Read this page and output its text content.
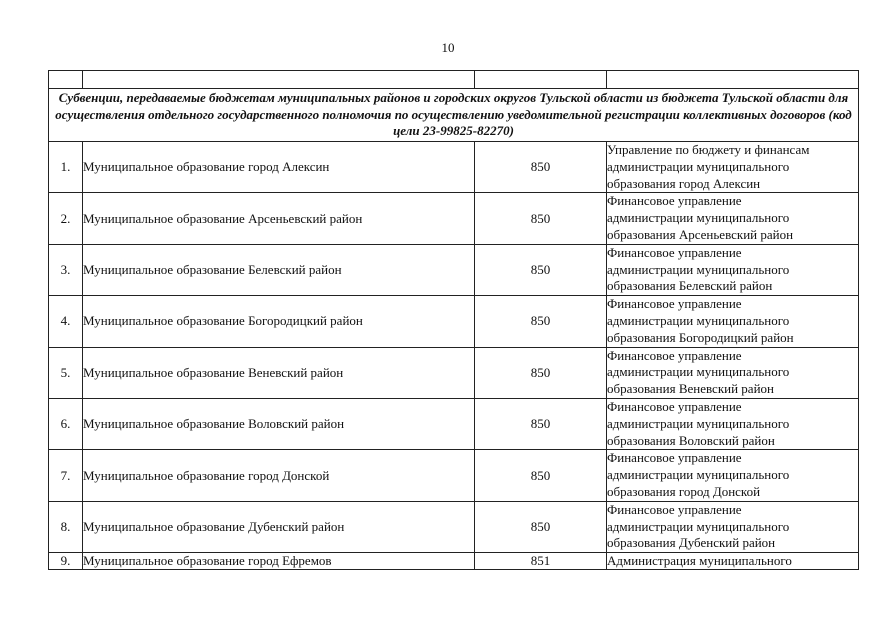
10

Субвенции, передаваемые бюджетам муниципальных районов и городских округов Тульской области из бюджета Тульской области для осуществления отдельного государственного полномочия по осуществлению уведомительной регистрации коллективных договоров (код цели 23-99825-82270)			
1.	Муниципальное образование город Алексин	850	Управление по бюджету и финансам
администрации муниципального
образования город Алексин

2.	Муниципальное образование Арсеньевский район	850	Финансовое управление
администрации муниципального
образования Арсеньевский район

3.	Муниципальное образование Белевский район	850	Финансовое управление
администрации муниципального
образования Белевский район

4.	Муниципальное образование Богородицкий район	850	Финансовое управление
администрации муниципального
образования Богородицкий район

5.	Муниципальное образование Веневский район	850	Финансовое управление
администрации муниципального
образования Веневский район

6.	Муниципальное образование Воловский район	850	Финансовое управление
администрации муниципального
образования Воловский район

7.	Муниципальное образование город Донской	850	Финансовое управление
администрации муниципального
образования город Донской

8.	Муниципальное образование Дубенский район	850	Финансовое управление
администрации муниципального
образования Дубенский район

9.	Муниципальное образование город Ефремов	851	Администрация муниципального
